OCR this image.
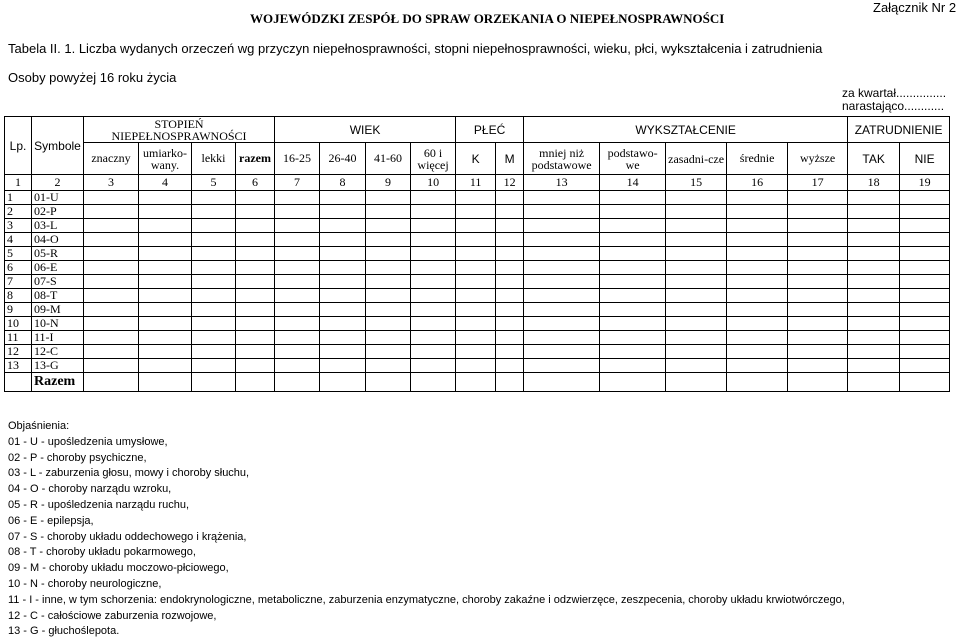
WOJEWÓDZKI ZESPÓŁ DO SPRAW ORZEKANIA O NIEPEŁNOSPRAWNOŚCI
Załącznik Nr 2
Tabela II. 1. Liczba wydanych orzeczeń wg przyczyn niepełnosprawności, stopni niepełnosprawności, wieku, płci, wykształcenia i zatrudnienia
Osoby powyżej 16 roku życia
za kwartał...............
narastająco............
Lp.	Symbole	STOPIEŃ NIEPEŁNOSPRAWNOŚCI				WIEK				PŁEĆ		WYKSZTAŁCENIE					ZATRUDNIENIE	
		znaczny	umiarko-wany.	lekki	razem	16-25	26-40	41-60	60 i więcej	K	M	mniej niż podstawowe	podstawo-we	zasadni-cze	średnie	wyższe	TAK	NIE
1	2	3	4	5	6	7	8	9	10	11	12	13	14	15	16	17	18	19
1	01-U																	
2	02-P																	
3	03-L																	
4	04-O																	
5	05-R																	
6	06-E																	
7	07-S																	
8	08-T																	
9	09-M																	
10	10-N																	
11	11-I																	
12	12-C																	
13	13-G																	
	Razem																	
Objaśnienia:
01 - U - upośledzenia umysłowe,
02 - P - choroby psychiczne,
03 - L - zaburzenia głosu, mowy i choroby słuchu,
04 - O - choroby narządu wzroku,
05 - R - upośledzenia narządu ruchu,
06 - E - epilepsja,
07 - S - choroby układu oddechowego i krążenia,
08 - T - choroby układu pokarmowego,
09 - M - choroby układu moczowo-płciowego,
10 - N - choroby neurologiczne,
11 - I - inne, w tym schorzenia: endokrynologiczne, metaboliczne, zaburzenia enzymatyczne, choroby zakaźne i odzwierzęce, zeszpecenia, choroby układu krwiotwórczego,
12 - C - całościowe zaburzenia rozwojowe,
13 - G - głuchoślepota.
